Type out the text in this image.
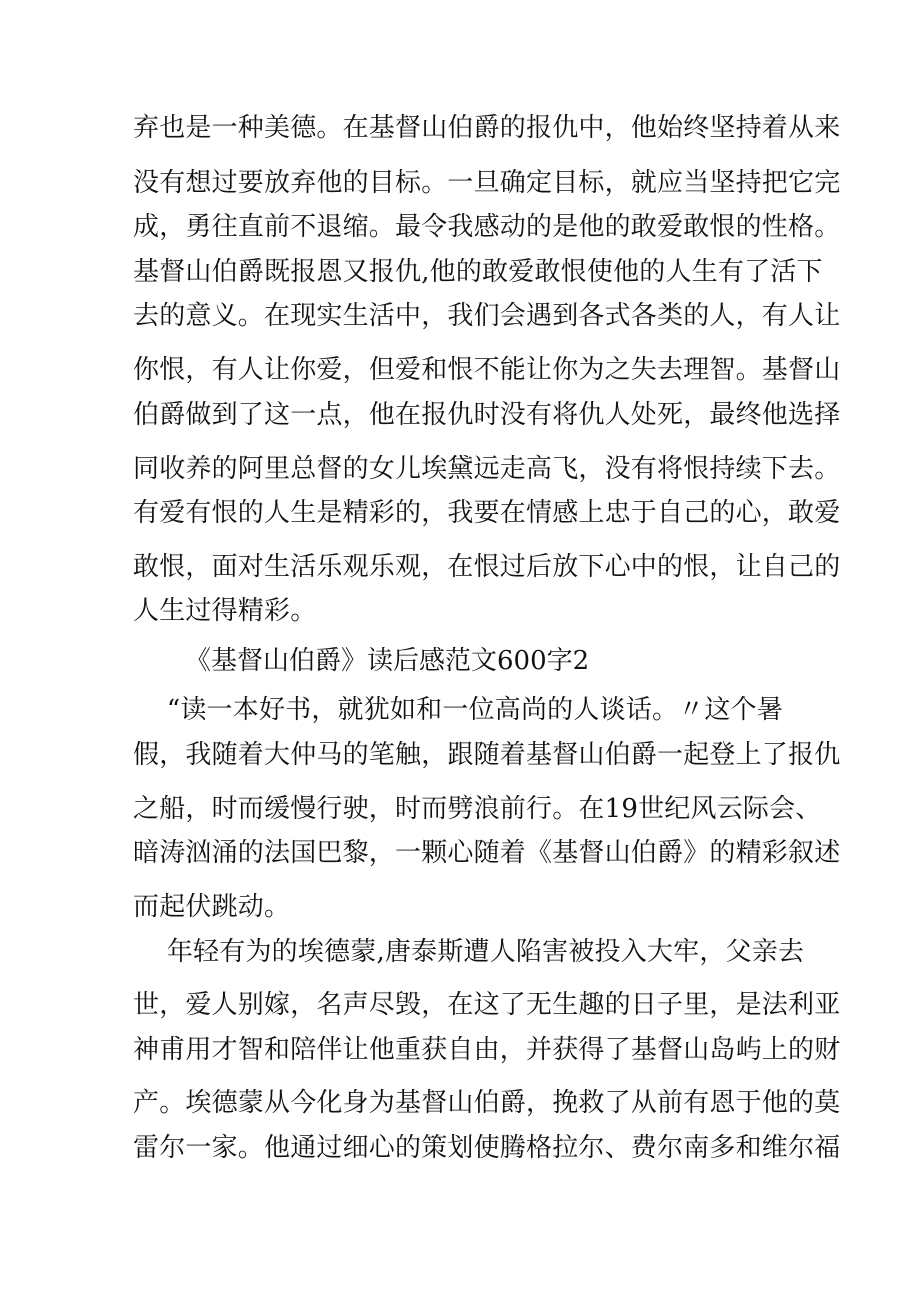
弃也是一种美德。在基督山伯爵的报仇中，他始终坚持着从来
没有想过要放弃他的目标。一旦确定目标，就应当坚持把它完
成，勇往直前不退缩。最令我感动的是他的敢爱敢恨的性格。
基督山伯爵既报恩又报仇,他的敢爱敢恨使他的人生有了活下
去的意义。在现实生活中，我们会遇到各式各类的人，有人让
你恨，有人让你爱，但爱和恨不能让你为之失去理智。基督山
伯爵做到了这一点，他在报仇时没有将仇人处死，最终他选择
同收养的阿里总督的女儿埃黛远走高飞，没有将恨持续下去。
有爱有恨的人生是精彩的，我要在情感上忠于自己的心，敢爱
敢恨，面对生活乐观乐观，在恨过后放下心中的恨，让自己的
人生过得精彩。
《基督山伯爵》读后感范文600字2
“读一本好书，就犹如和一位高尚的人谈话。〃这个暑
假，我随着大仲马的笔触，跟随着基督山伯爵一起登上了报仇
之船，时而缓慢行驶，时而劈浪前行。在19世纪风云际会、
暗涛汹涌的法国巴黎，一颗心随着《基督山伯爵》的精彩叙述
而起伏跳动。
年轻有为的埃德蒙,唐泰斯遭人陷害被投入大牢，父亲去
世，爱人别嫁，名声尽毁，在这了无生趣的日子里，是法利亚
神甫用才智和陪伴让他重获自由，并获得了基督山岛屿上的财
产。埃德蒙从今化身为基督山伯爵，挽救了从前有恩于他的莫
雷尔一家。他通过细心的策划使腾格拉尔、费尔南多和维尔福
